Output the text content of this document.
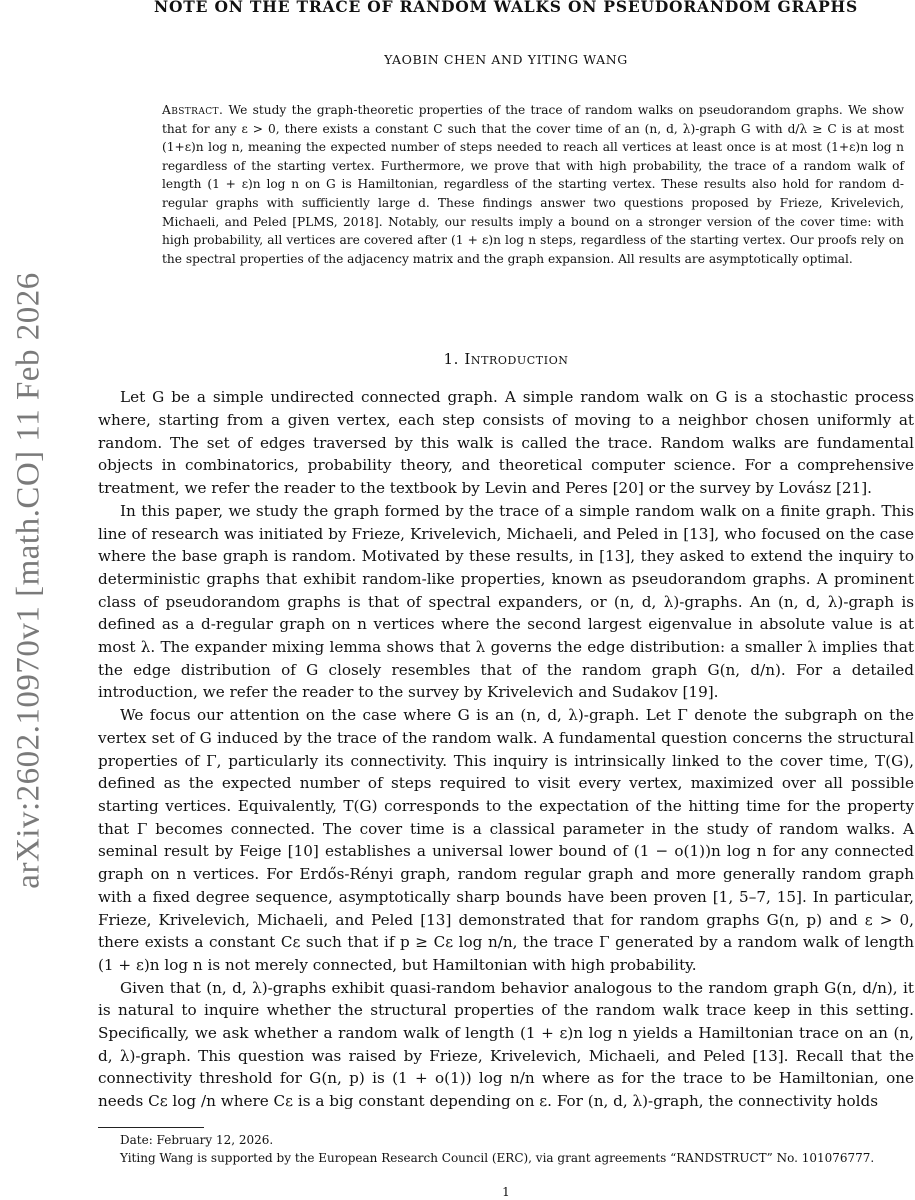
arXiv:2602.10970v1 [math.CO] 11 Feb 2026
NOTE ON THE TRACE OF RANDOM WALKS ON PSEUDORANDOM GRAPHS
YAOBIN CHEN AND YITING WANG
Abstract. We study the graph-theoretic properties of the trace of random walks on pseudorandom graphs. We show that for any ε > 0, there exists a constant C such that the cover time of an (n, d, λ)-graph G with d/λ ≥ C is at most (1+ε)n log n, meaning the expected number of steps needed to reach all vertices at least once is at most (1+ε)n log n regardless of the starting vertex. Furthermore, we prove that with high probability, the trace of a random walk of length (1 + ε)n log n on G is Hamiltonian, regardless of the starting vertex. These results also hold for random d-regular graphs with sufficiently large d. These findings answer two questions proposed by Frieze, Krivelevich, Michaeli, and Peled [PLMS, 2018]. Notably, our results imply a bound on a stronger version of the cover time: with high probability, all vertices are covered after (1 + ε)n log n steps, regardless of the starting vertex. Our proofs rely on the spectral properties of the adjacency matrix and the graph expansion. All results are asymptotically optimal.
1. Introduction

Let G be a simple undirected connected graph. A simple random walk on G is a stochastic process where, starting from a given vertex, each step consists of moving to a neighbor chosen uniformly at random. The set of edges traversed by this walk is called the trace. Random walks are fundamental objects in combinatorics, probability theory, and theoretical computer science. For a comprehensive treatment, we refer the reader to the textbook by Levin and Peres [20] or the survey by Lovász [21].

In this paper, we study the graph formed by the trace of a simple random walk on a finite graph. This line of research was initiated by Frieze, Krivelevich, Michaeli, and Peled in [13], who focused on the case where the base graph is random. Motivated by these results, in [13], they asked to extend the inquiry to deterministic graphs that exhibit random-like properties, known as pseudorandom graphs. A prominent class of pseudorandom graphs is that of spectral expanders, or (n, d, λ)-graphs. An (n, d, λ)-graph is defined as a d-regular graph on n vertices where the second largest eigenvalue in absolute value is at most λ. The expander mixing lemma shows that λ governs the edge distribution: a smaller λ implies that the edge distribution of G closely resembles that of the random graph G(n, d/n). For a detailed introduction, we refer the reader to the survey by Krivelevich and Sudakov [19].

We focus our attention on the case where G is an (n, d, λ)-graph. Let Γ denote the subgraph on the vertex set of G induced by the trace of the random walk. A fundamental question concerns the structural properties of Γ, particularly its connectivity. This inquiry is intrinsically linked to the cover time, T(G), defined as the expected number of steps required to visit every vertex, maximized over all possible starting vertices. Equivalently, T(G) corresponds to the expectation of the hitting time for the property that Γ becomes connected. The cover time is a classical parameter in the study of random walks. A seminal result by Feige [10] establishes a universal lower bound of (1 − o(1))n log n for any connected graph on n vertices. For Erdős-Rényi graph, random regular graph and more generally random graph with a fixed degree sequence, asymptotically sharp bounds have been proven [1, 5–7, 15]. In particular, Frieze, Krivelevich, Michaeli, and Peled [13] demonstrated that for random graphs G(n, p) and ε > 0, there exists a constant Cε such that if p ≥ Cε log n/n, the trace Γ generated by a random walk of length (1 + ε)n log n is not merely connected, but Hamiltonian with high probability.

Given that (n, d, λ)-graphs exhibit quasi-random behavior analogous to the random graph G(n, d/n), it is natural to inquire whether the structural properties of the random walk trace keep in this setting. Specifically, we ask whether a random walk of length (1 + ε)n log n yields a Hamiltonian trace on an (n, d, λ)-graph. This question was raised by Frieze, Krivelevich, Michaeli, and Peled [13]. Recall that the connectivity threshold for G(n, p) is (1 + o(1)) log n/n where as for the trace to be Hamiltonian, one needs Cε log /n where Cε is a big constant depending on ε. For (n, d, λ)-graph, the connectivity holds

Date: February 12, 2026.

Yiting Wang is supported by the European Research Council (ERC), via grant agreements “RANDSTRUCT” No. 101076777.

1
